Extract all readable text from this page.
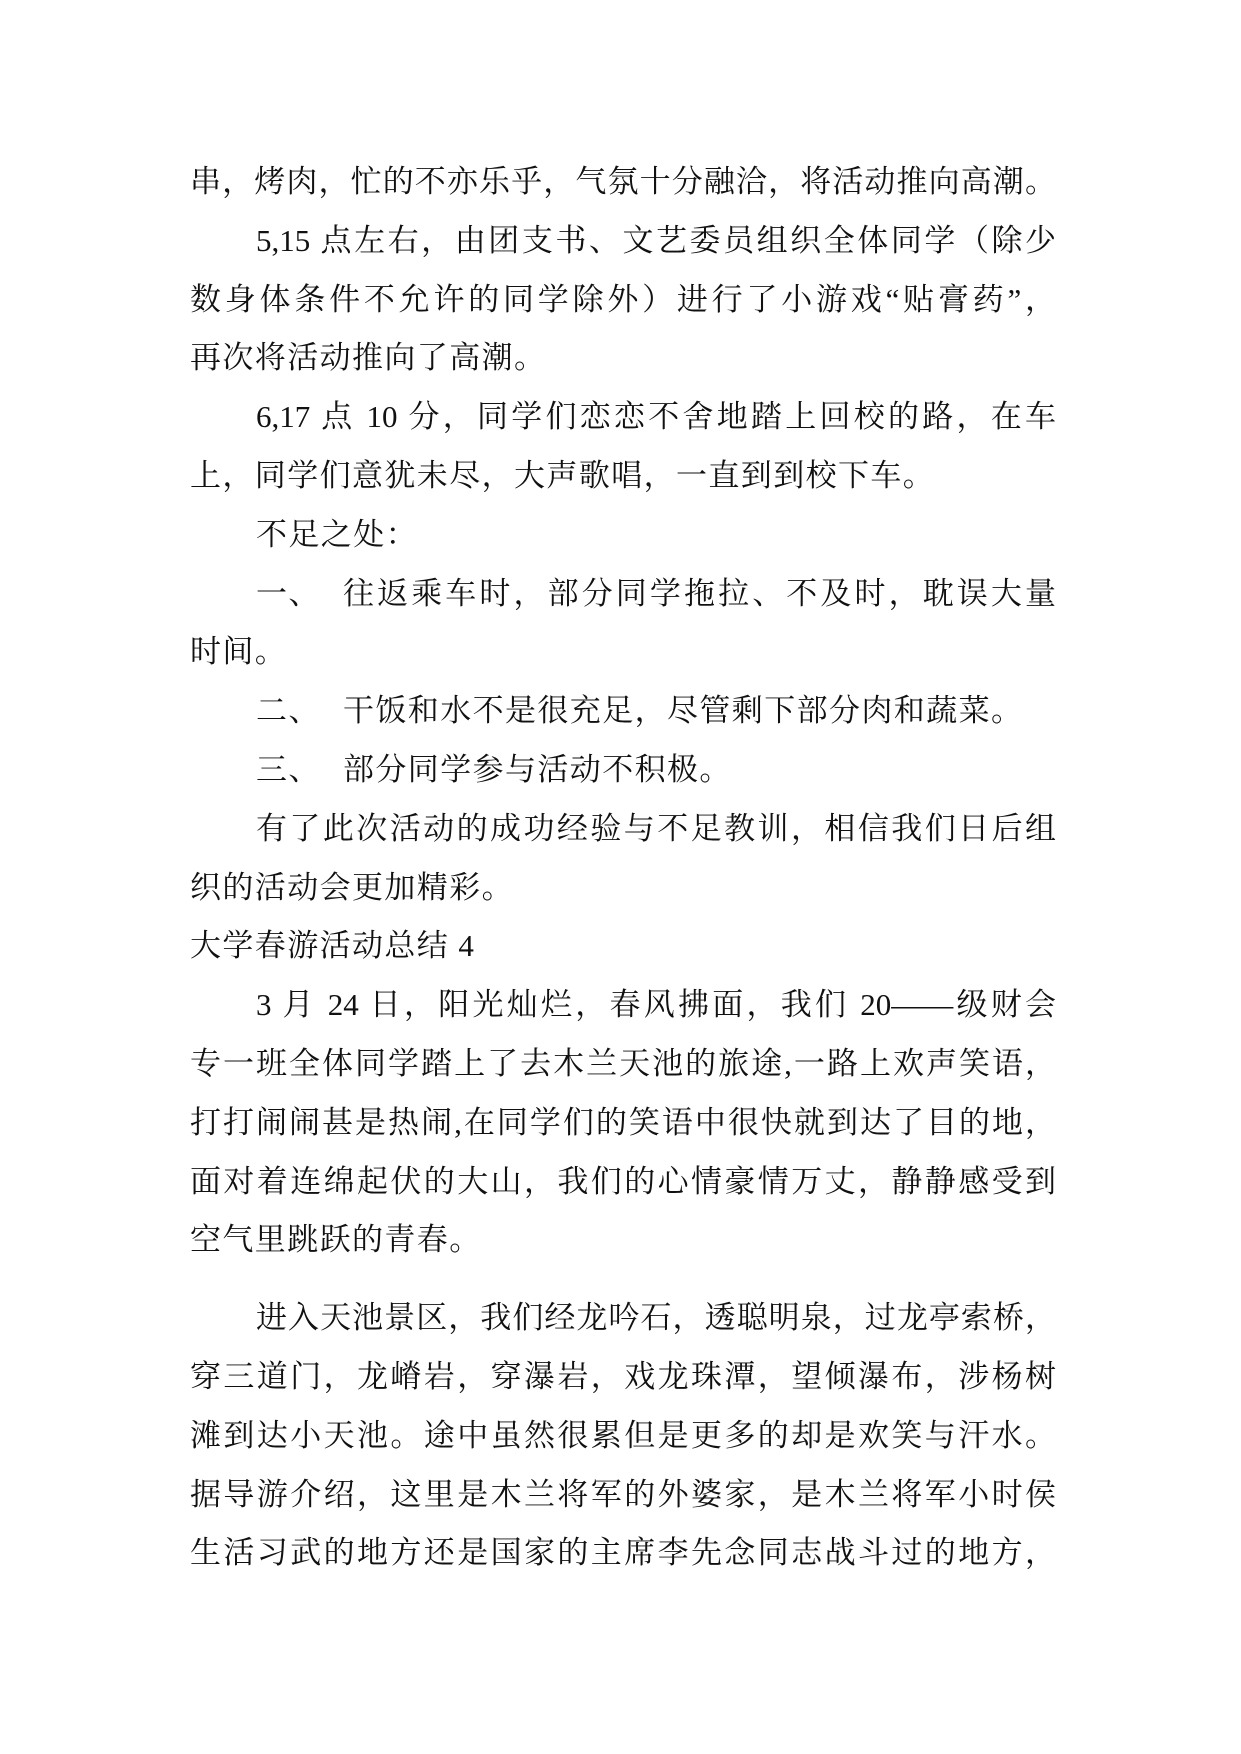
串，烤肉，忙的不亦乐乎，气氛十分融洽，将活动推向高潮。
5,15 点左右，由团支书、文艺委员组织全体同学（除少
数身体条件不允许的同学除外）进行了小游戏“贴膏药”，
再次将活动推向了高潮。
6,17 点 10 分，同学们恋恋不舍地踏上回校的路，在车
上，同学们意犹未尽，大声歌唱，一直到到校下车。
不足之处：
一、 往返乘车时，部分同学拖拉、不及时，耽误大量
时间。
二、 干饭和水不是很充足，尽管剩下部分肉和蔬菜。
三、 部分同学参与活动不积极。
有了此次活动的成功经验与不足教训，相信我们日后组
织的活动会更加精彩。
大学春游活动总结 4
3 月 24 日，阳光灿烂，春风拂面，我们 20——级财会
专一班全体同学踏上了去木兰天池的旅途,一路上欢声笑语，
打打闹闹甚是热闹,在同学们的笑语中很快就到达了目的地，
面对着连绵起伏的大山，我们的心情豪情万丈，静静感受到
空气里跳跃的青春。
进入天池景区，我们经龙吟石，透聪明泉，过龙亭索桥，
穿三道门，龙嵴岩，穿瀑岩，戏龙珠潭，望倾瀑布，涉杨树
滩到达小天池。途中虽然很累但是更多的却是欢笑与汗水。
据导游介绍，这里是木兰将军的外婆家，是木兰将军小时侯
生活习武的地方还是国家的主席李先念同志战斗过的地方，
